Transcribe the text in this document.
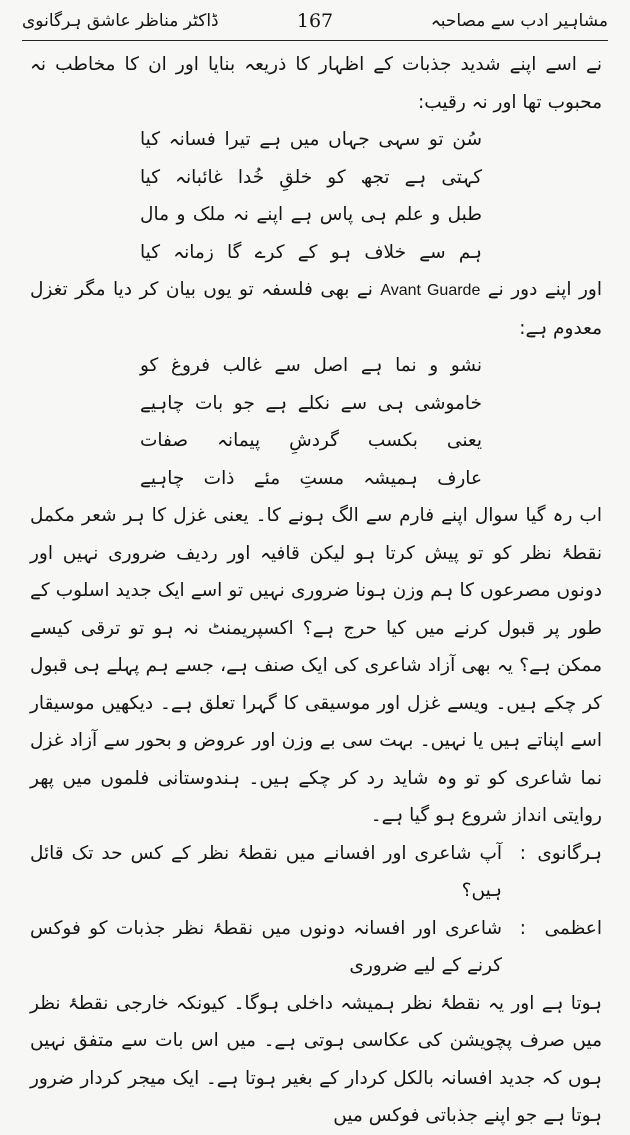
مشاہیر ادب سے مصاحبہ
167
ڈاکٹر مناظر عاشق ہرگانوی

نے اسے اپنے شدید جذبات کے اظہار کا ذریعہ بنایا اور ان کا مخاطب نہ محبوب تھا اور نہ رقیب:

سُن تو سہی جہاں میں ہے تیرا فسانہ کیا
کہتی ہے تجھ کو خلقِ خُدا غائبانہ کیا
طبل و علم ہی پاس ہے اپنے نہ ملک و مال
ہم سے خلاف ہو کے کرے گا زمانہ کیا

اور اپنے دور نے Avant Guarde نے بھی فلسفہ تو یوں بیان کر دیا مگر تغزل معدوم ہے:

نشو و نما ہے اصل سے غالب فروغ کو
خاموشی ہی سے نکلے ہے جو بات چاہیے
یعنی بکسب گردشِ پیمانہ صفات
عارف ہمیشہ مستِ مئے ذات چاہیے

اب رہ گیا سوال اپنے فارم سے الگ ہونے کا۔ یعنی غزل کا ہر شعر مکمل نقطۂ نظر کو تو پیش کرتا ہو لیکن قافیہ اور ردیف ضروری نہیں اور دونوں مصرعوں کا ہم وزن ہونا ضروری نہیں تو اسے ایک جدید اسلوب کے طور پر قبول کرنے میں کیا حرج ہے؟ اکسپریمنٹ نہ ہو تو ترقی کیسے ممکن ہے؟ یہ بھی آزاد شاعری کی ایک صنف ہے، جسے ہم پہلے ہی قبول کر چکے ہیں۔ ویسے غزل اور موسیقی کا گہرا تعلق ہے۔ دیکھیں موسیقار اسے اپناتے ہیں یا نہیں۔ بہت سی بے وزن اور عروض و بحور سے آزاد غزل نما شاعری کو تو وہ شاید رد کر چکے ہیں۔ ہندوستانی فلموں میں پھر روایتی انداز شروع ہو گیا ہے۔

ہرگانوی
:
آپ شاعری اور افسانے میں نقطۂ نظر کے کس حد تک قائل ہیں؟

اعظمی
:
شاعری اور افسانہ دونوں میں نقطۂ نظر جذبات کو فوکس کرنے کے لیے ضروری

ہوتا ہے اور یہ نقطۂ نظر ہمیشہ داخلی ہوگا۔ کیونکہ خارجی نقطۂ نظر میں صرف پچویشن کی عکاسی ہوتی ہے۔ میں اس بات سے متفق نہیں ہوں کہ جدید افسانہ بالکل کردار کے بغیر ہوتا ہے۔ ایک میجر کردار ضرور ہوتا ہے جو اپنے جذباتی فوکس میں
